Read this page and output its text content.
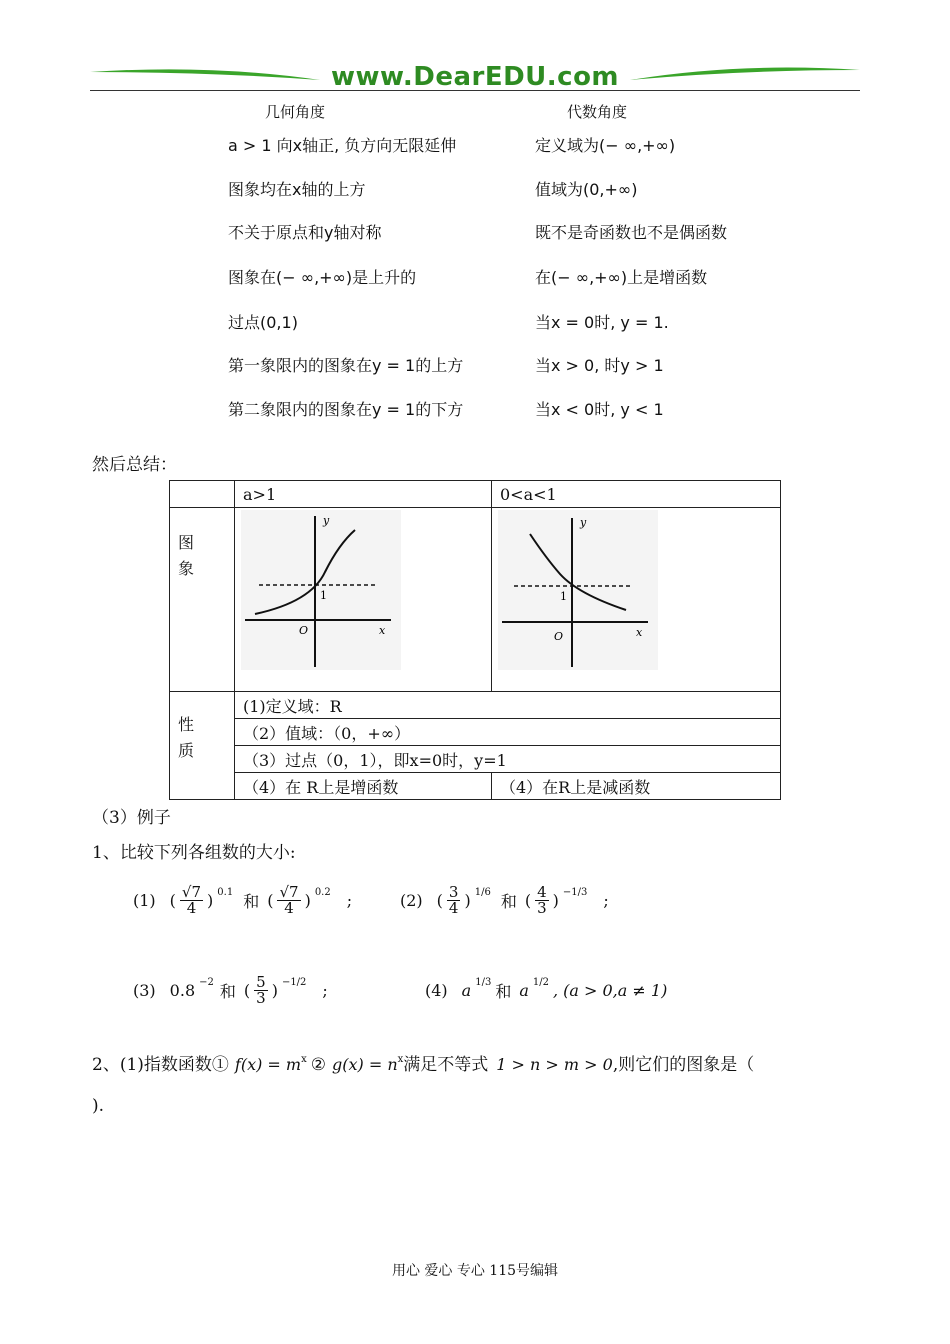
www.DearEDU.com
几何角度	代数角度
a > 1 向x轴正, 负方向无限延伸	定义域为(− ∞,+∞)
图象均在x轴的上方	值域为(0,+∞)
不关于原点和y轴对称	既不是奇函数也不是偶函数
图象在(− ∞,+∞)是上升的	在(− ∞,+∞)上是增函数
过点(0,1)	当x = 0时, y = 1.
第一象限内的图象在y = 1的上方	当x > 0, 时y > 1
第二象限内的图象在y = 1的下方	当x < 0时, y < 1
然后总结：
	a>1	0<a<1
图
象	y
x
O
1	y
x
O
1

性
质	(1)定义域：R	
	（2）值域：（0，+∞）	
	（3）过点（0，1），即x=0时，y=1	
	（4）在 R上是增函数	（4）在R上是减函数
（3）例子
1、比较下列各组数的大小:
(1) ( $\frac{√7}{4}$ ) 0.1 和 ( $\frac{√7}{4}$ ) 0.2 ;	(2) ( $\frac{3}{4}$ ) 1/6 和 ( $\frac{4}{3}$ ) −1/3 ;
(3) 0.8 −2 和 ( $\frac{5}{3}$ ) −1/2 ;	(4) a 1/3 和 a 1/2 , (a > 0,a ≠ 1)
2、(1)指数函数① f(x) = m x ② g(x) = n x 满足不等式 1 > n > m > 0 ,则它们的图象是（
).
用心 爱心 专心 115号编辑
